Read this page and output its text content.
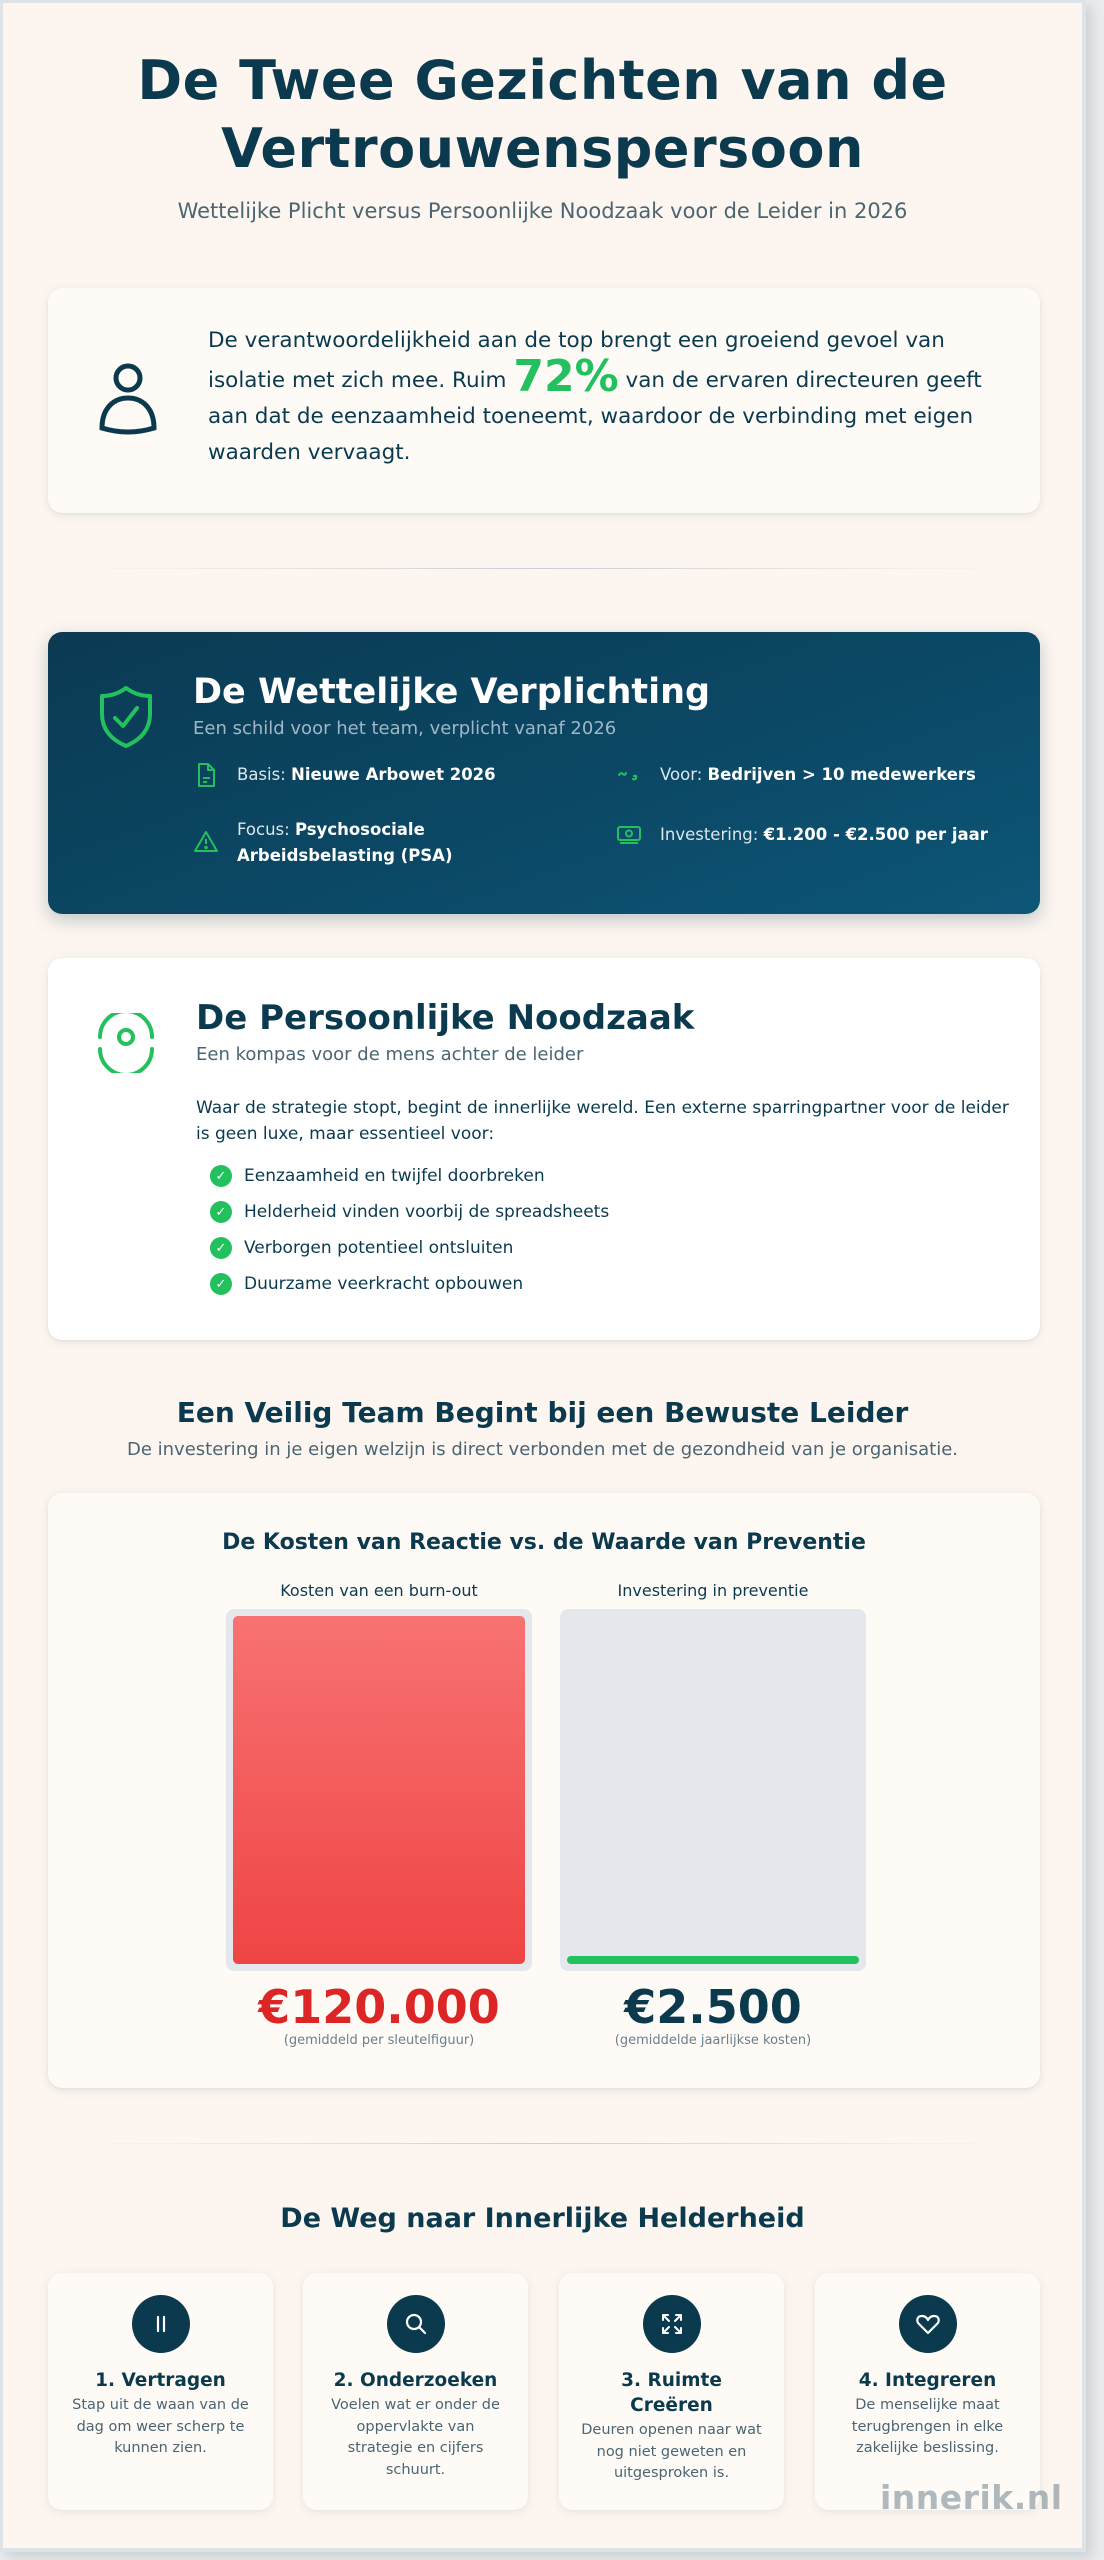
De Twee Gezichten van de Vertrouwenspersoon

Wettelijke Plicht versus Persoonlijke Noodzaak voor de Leider in 2026

De verantwoordelijkheid aan de top brengt een groeiend gevoel van isolatie met zich mee. Ruim 72% van de ervaren directeuren geeft aan dat de eenzaamheid toeneemt, waardoor de verbinding met eigen waarden vervaagt.

De Wettelijke Verplichting

Een schild voor het team, verplicht vanaf 2026

Basis: Nieuwe Arbowet 2026
Focus: Psychosociale Arbeidsbelasting (PSA)
Voor: Bedrijven > 10 medewerkers
Investering: €1.200 - €2.500 per jaar
De Persoonlijke Noodzaak

Een kompas voor de mens achter de leider

Waar de strategie stopt, begint de innerlijke wereld. Een externe sparringpartner voor de leider is geen luxe, maar essentieel voor:

✓	Eenzaamheid en twijfel doorbreken
✓	Helderheid vinden voorbij de spreadsheets
✓	Verborgen potentieel ontsluiten
✓	Duurzame veerkracht opbouwen
Een Veilig Team Begint bij een Bewuste Leider

De investering in je eigen welzijn is direct verbonden met de gezondheid van je organisatie.

De Kosten van Reactie vs. de Waarde van Preventie
Kosten van een burn-out
€120.000
(gemiddeld per sleutelfiguur)
Investering in preventie
€2.500
(gemiddelde jaarlijkse kosten)
De Weg naar Innerlijke Helderheid
1. Vertragen
Stap uit de waan van de dag om weer scherp te kunnen zien.
2. Onderzoeken
Voelen wat er onder de oppervlakte van strategie en cijfers schuurt.
3. Ruimte Creëren
Deuren openen naar wat nog niet geweten en uitgesproken is.
4. Integreren
De menselijke maat terugbrengen in elke zakelijke beslissing.
innerik.nl
